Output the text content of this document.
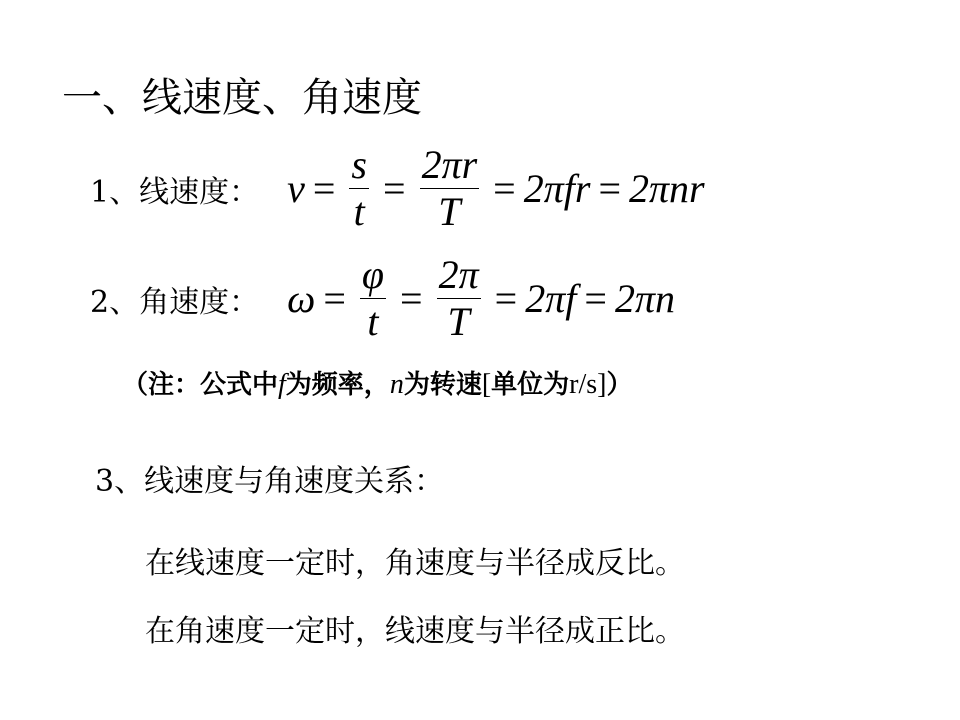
一、线速度、角速度
1、线速度： $v = \frac{s}{t} = \frac{2\pi r}{T} = 2\pi fr = 2\pi nr$
2、角速度： $\omega = \frac{\varphi}{t} = \frac{2\pi}{T} = 2\pi f = 2\pi n$
（注：公式中f为频率，n为转速[单位为r/s]）
3、线速度与角速度关系：
在线速度一定时，角速度与半径成反比。
在角速度一定时，线速度与半径成正比。
